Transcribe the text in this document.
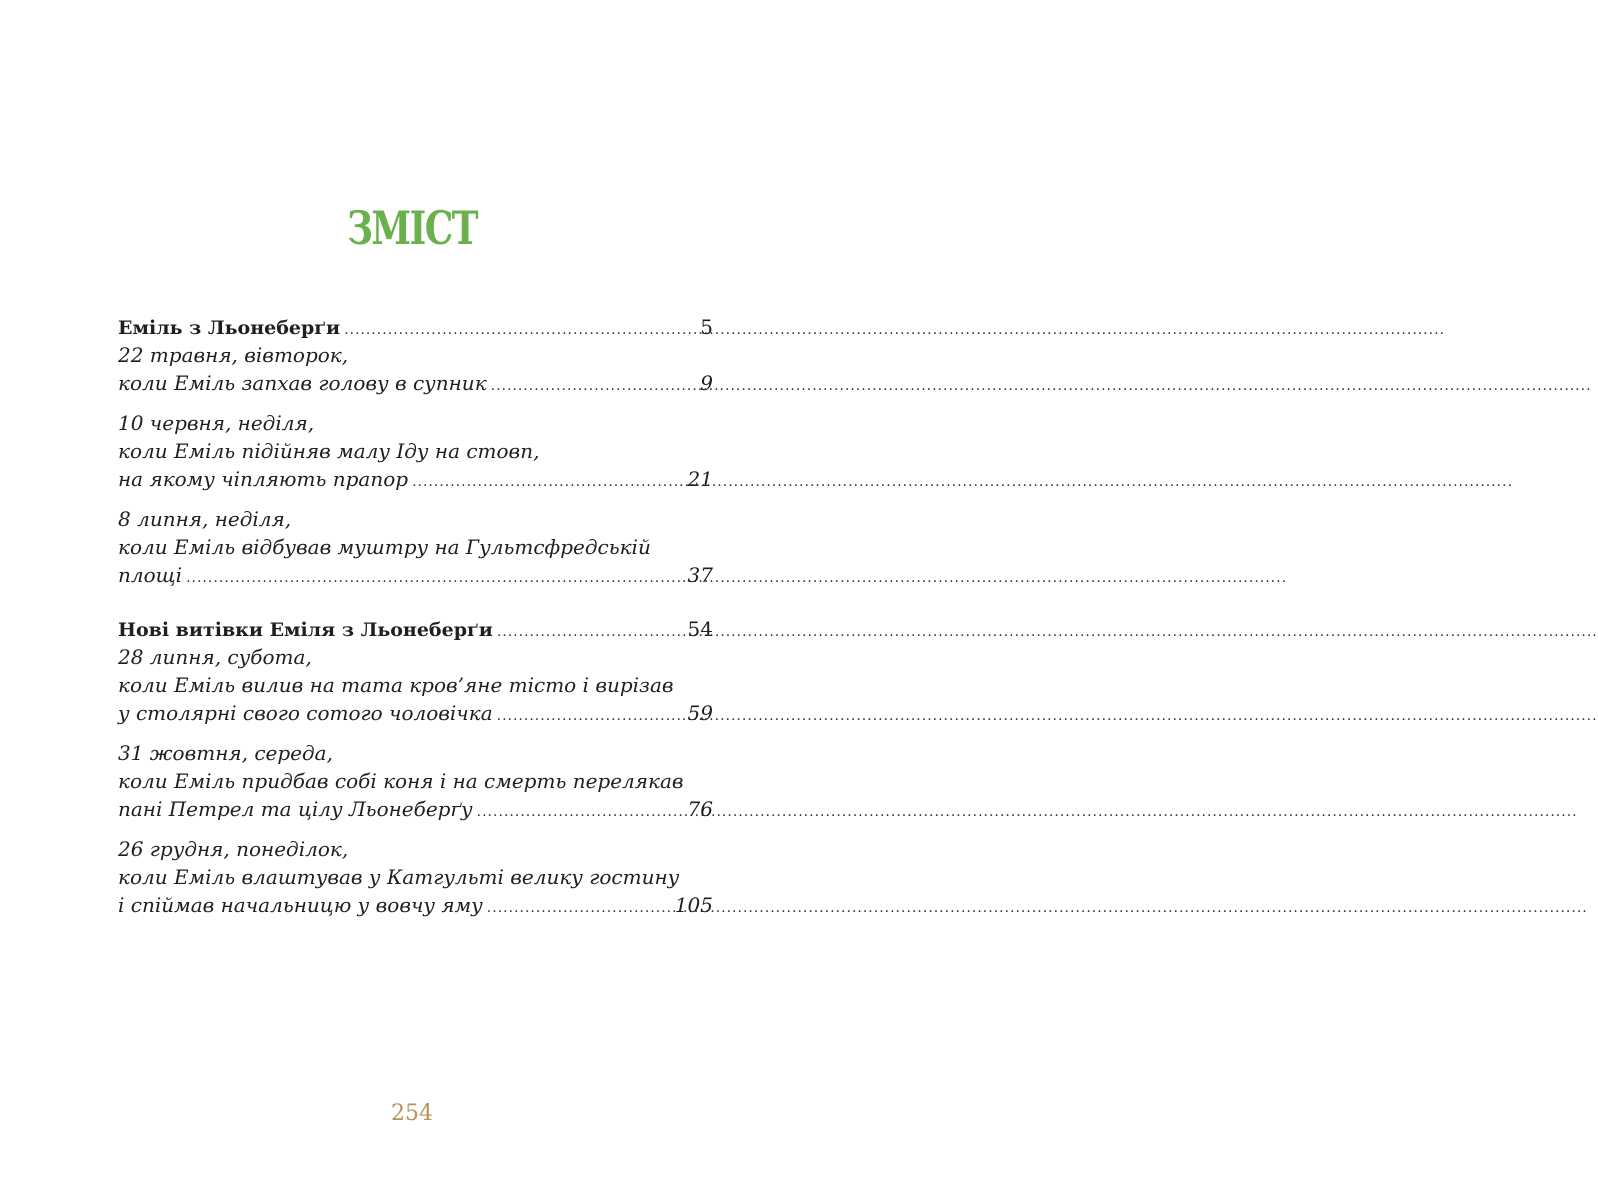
ЗМІСТ
Еміль з Льонеберґи .....	5
22 травня, вівторок,
коли Еміль запхав голову в супник .....	9
10 червня, неділя,
коли Еміль підійняв малу Іду на стовп,
на якому чіпляють прапор .....	21
8 липня, неділя,
коли Еміль відбував муштру на Гультсфредській
площі .....	37
Нові витівки Еміля з Льонеберґи .....	54
28 липня, субота,
коли Еміль вилив на тата кров’яне тісто і вирізав
у столярні свого сотого чоловічка .....	59
31 жовтня, середа,
коли Еміль придбав собі коня і на смерть перелякав
пані Петрел та цілу Льонеберґу .....	76
26 грудня, понеділок,
коли Еміль влаштував у Катгульті велику гостину
і спіймав начальницю у вовчу яму .....	105

254
